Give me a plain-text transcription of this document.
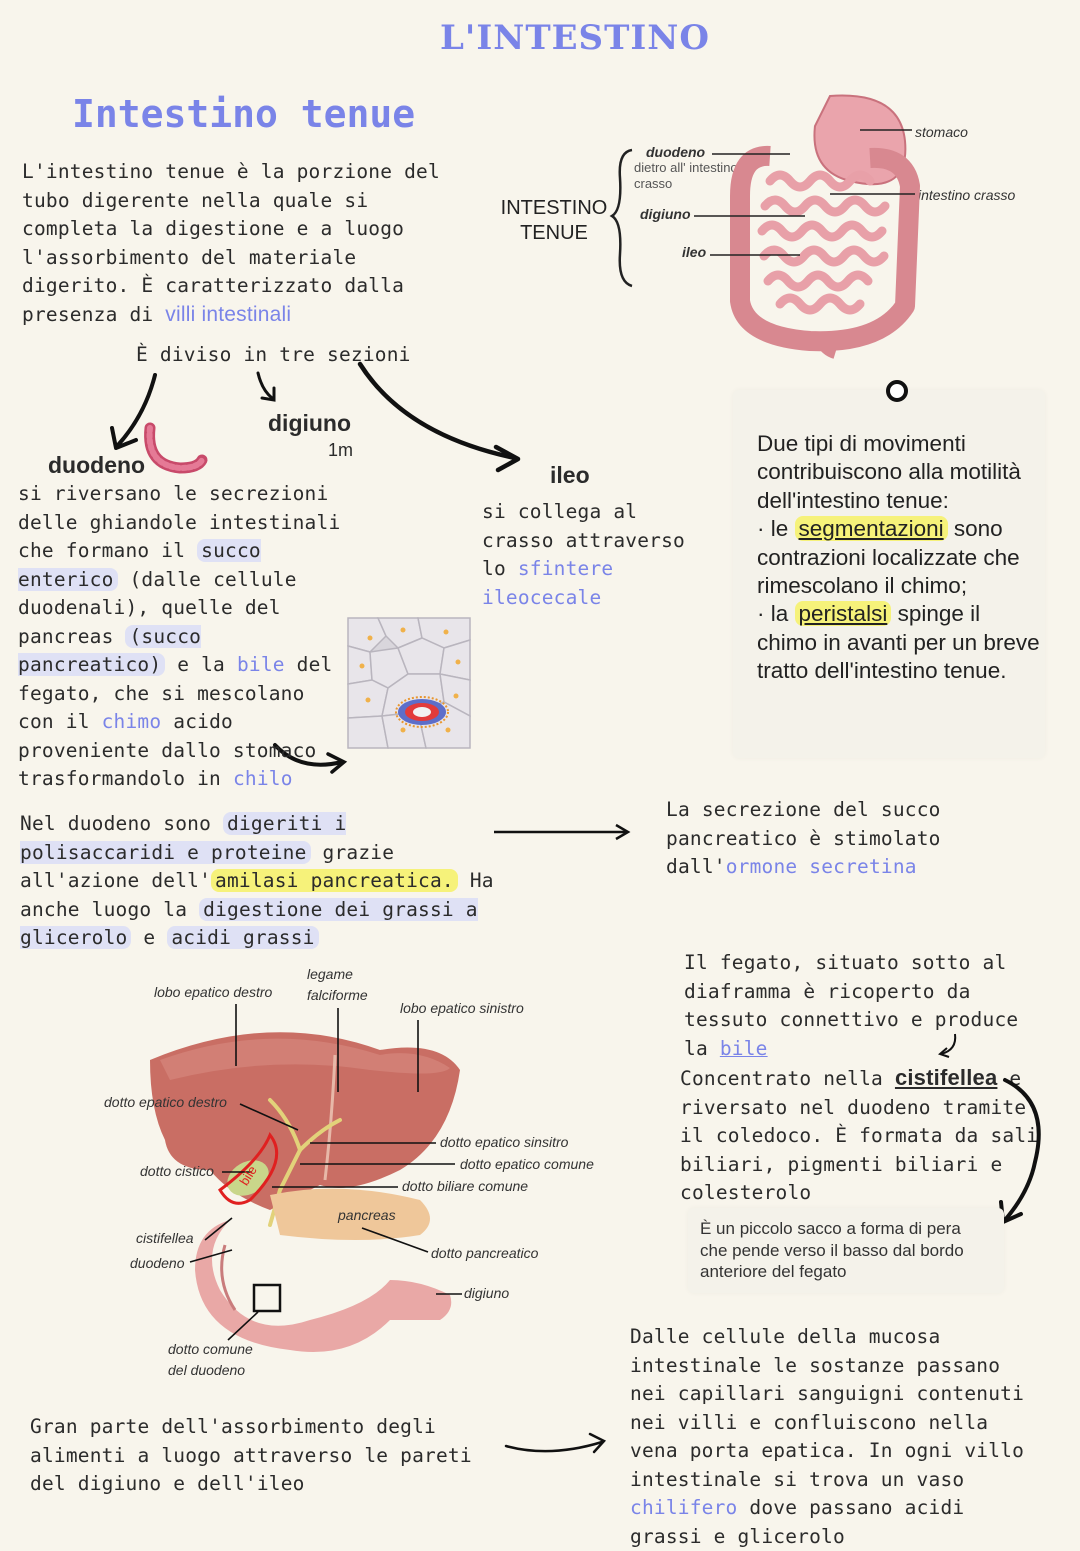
L'INTESTINO
Intestino tenue
L'intestino tenue è la porzione del tubo digerente nella quale si completa la digestione e a luogo l'assorbimento del materiale digerito. È caratterizzato dalla presenza di villi intestinali
INTESTINO
TENUE
duodeno
dietro all' intestino crasso
digiuno
ileo
stomaco
intestino crasso
È diviso in tre sezioni
digiuno
1m
duodeno
si riversano le secrezioni delle ghiandole intestinali che formano il succo enterico (dalle cellule duodenali), quelle del pancreas (succo pancreatico) e la bile del fegato, che si mescolano con il chimo acido proveniente dallo stomaco trasformandolo in chilo
ileo
si collega al crasso attraverso lo sfintere ileocecale
Due tipi di movimenti contribuiscono alla motilità dell'intestino tenue:
· le segmentazioni sono contrazioni localizzate che rimescolano il chimo;
· la peristalsi spinge il chimo in avanti per un breve tratto dell'intestino tenue.
Nel duodeno sono digeriti i polisaccaridi e proteine grazie all'azione dell' amilasi pancreatica. Ha anche luogo la digestione dei grassi a glicerolo e acidi grassi
La secrezione del succo pancreatico è stimolato dall'ormone secretina
lobo epatico destro
legame
falciforme
lobo epatico sinistro
dotto epatico destro
dotto epatico sinsitro
dotto epatico comune
dotto biliare comune
dotto cistico bile
pancreas
cistifellea
duodeno
dotto pancreatico
digiuno
dotto comune
del duodeno
Il fegato, situato sotto al diaframma è ricoperto da tessuto connettivo e produce la bile
Concentrato nella cistifellea e riversato nel duodeno tramite il coledoco. È formata da sali biliari, pigmenti biliari e colesterolo
È un piccolo sacco a forma di pera che pende verso il basso dal bordo anteriore del fegato
Gran parte dell'assorbimento degli alimenti a luogo attraverso le pareti del digiuno e dell'ileo
Dalle cellule della mucosa intestinale le sostanze passano nei capillari sanguigni contenuti nei villi e confluiscono nella vena porta epatica. In ogni villo intestinale si trova un vaso chilifero dove passano acidi grassi e glicerolo
